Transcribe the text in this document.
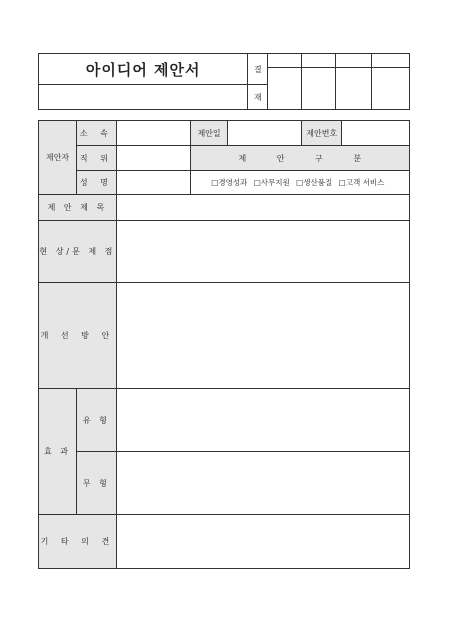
아이디어 제안서	결				

	재				
제안자	소 속		제안일		제안번호	
	직 위		제 안 구 분			
	성 명		□경영성과 □사무지원 □생산품질 □고객 서비스			
제 안 제 목						
현 상/문 제 점						
개 선 방 안						
효 과	유 형					
	무 형					
기 타 의 견						
